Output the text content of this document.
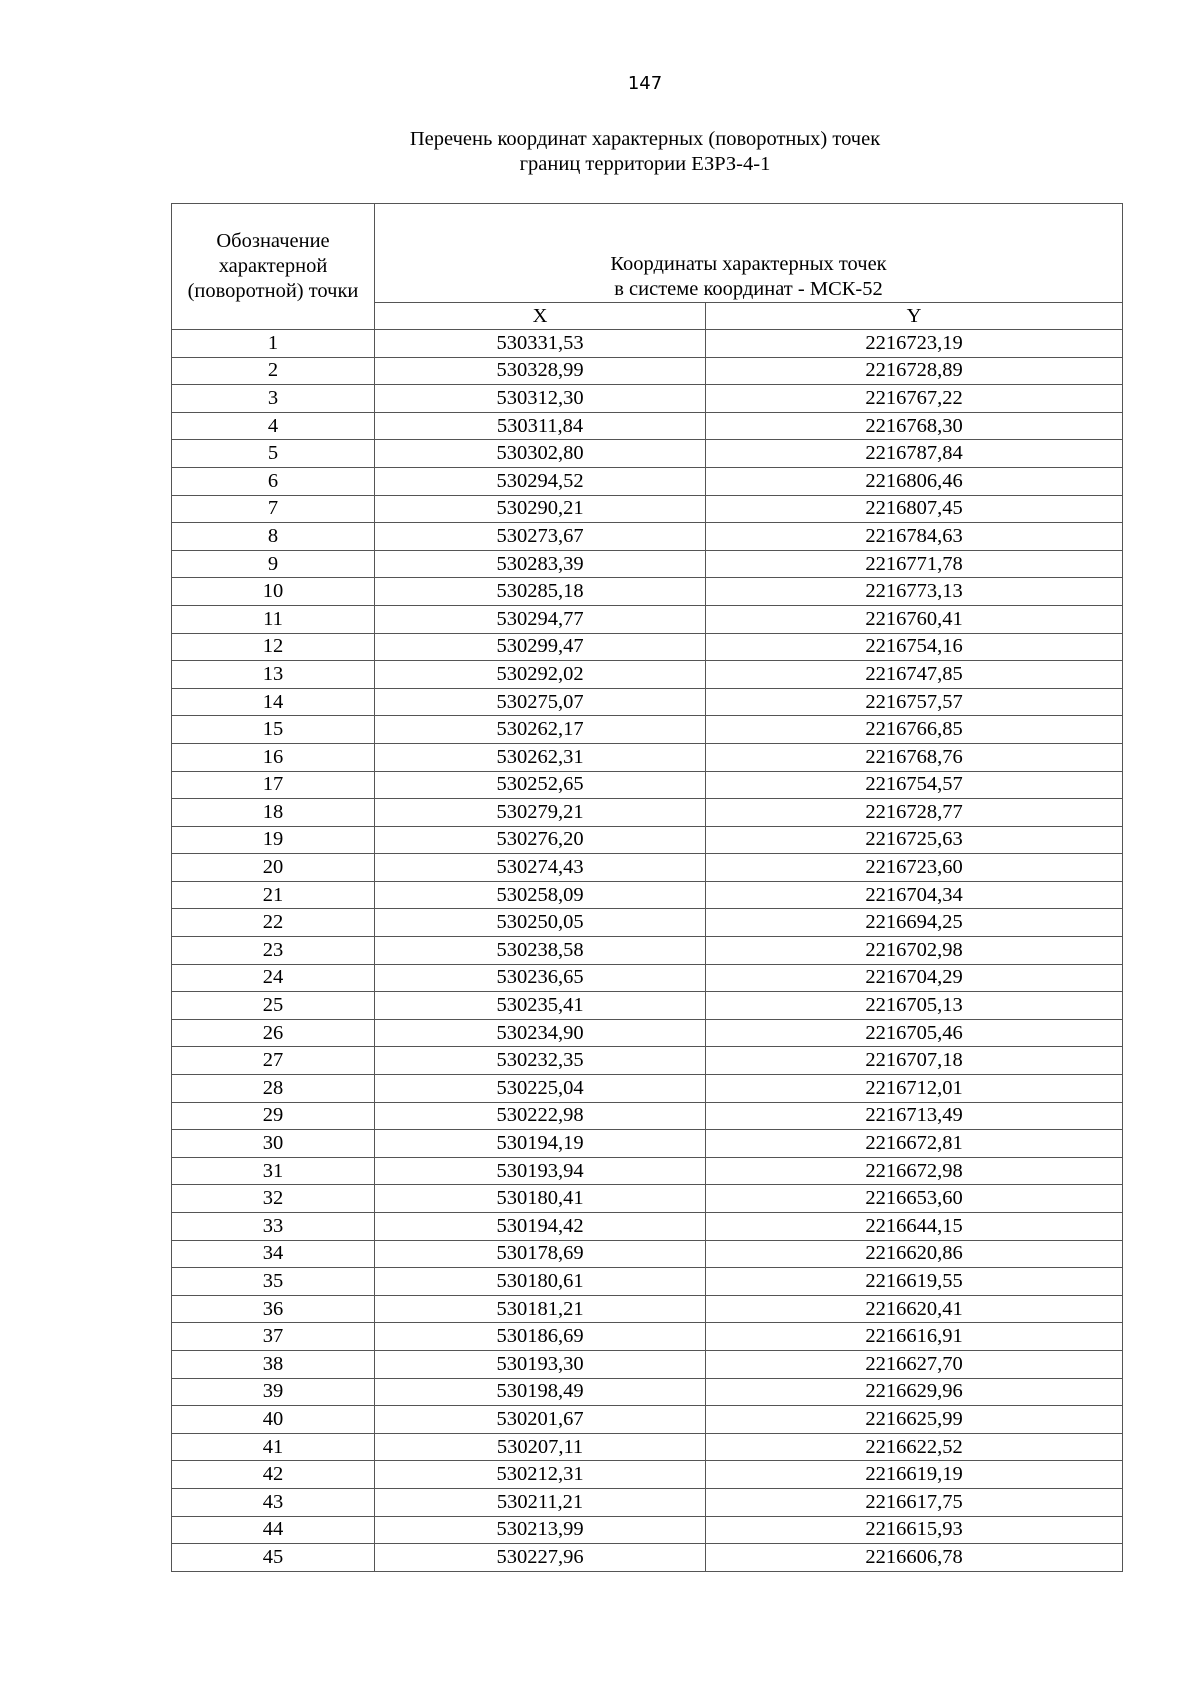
147
Перечень координат характерных (поворотных) точек
границ территории ЕЗРЗ-4-1
Обозначение
характерной
(поворотной) точки	Координаты характерных точек
в системе координат - МСК-52	

	X	Y
1	530331,53	2216723,19
2	530328,99	2216728,89
3	530312,30	2216767,22
4	530311,84	2216768,30
5	530302,80	2216787,84
6	530294,52	2216806,46
7	530290,21	2216807,45
8	530273,67	2216784,63
9	530283,39	2216771,78
10	530285,18	2216773,13
11	530294,77	2216760,41
12	530299,47	2216754,16
13	530292,02	2216747,85
14	530275,07	2216757,57
15	530262,17	2216766,85
16	530262,31	2216768,76
17	530252,65	2216754,57
18	530279,21	2216728,77
19	530276,20	2216725,63
20	530274,43	2216723,60
21	530258,09	2216704,34
22	530250,05	2216694,25
23	530238,58	2216702,98
24	530236,65	2216704,29
25	530235,41	2216705,13
26	530234,90	2216705,46
27	530232,35	2216707,18
28	530225,04	2216712,01
29	530222,98	2216713,49
30	530194,19	2216672,81
31	530193,94	2216672,98
32	530180,41	2216653,60
33	530194,42	2216644,15
34	530178,69	2216620,86
35	530180,61	2216619,55
36	530181,21	2216620,41
37	530186,69	2216616,91
38	530193,30	2216627,70
39	530198,49	2216629,96
40	530201,67	2216625,99
41	530207,11	2216622,52
42	530212,31	2216619,19
43	530211,21	2216617,75
44	530213,99	2216615,93
45	530227,96	2216606,78
